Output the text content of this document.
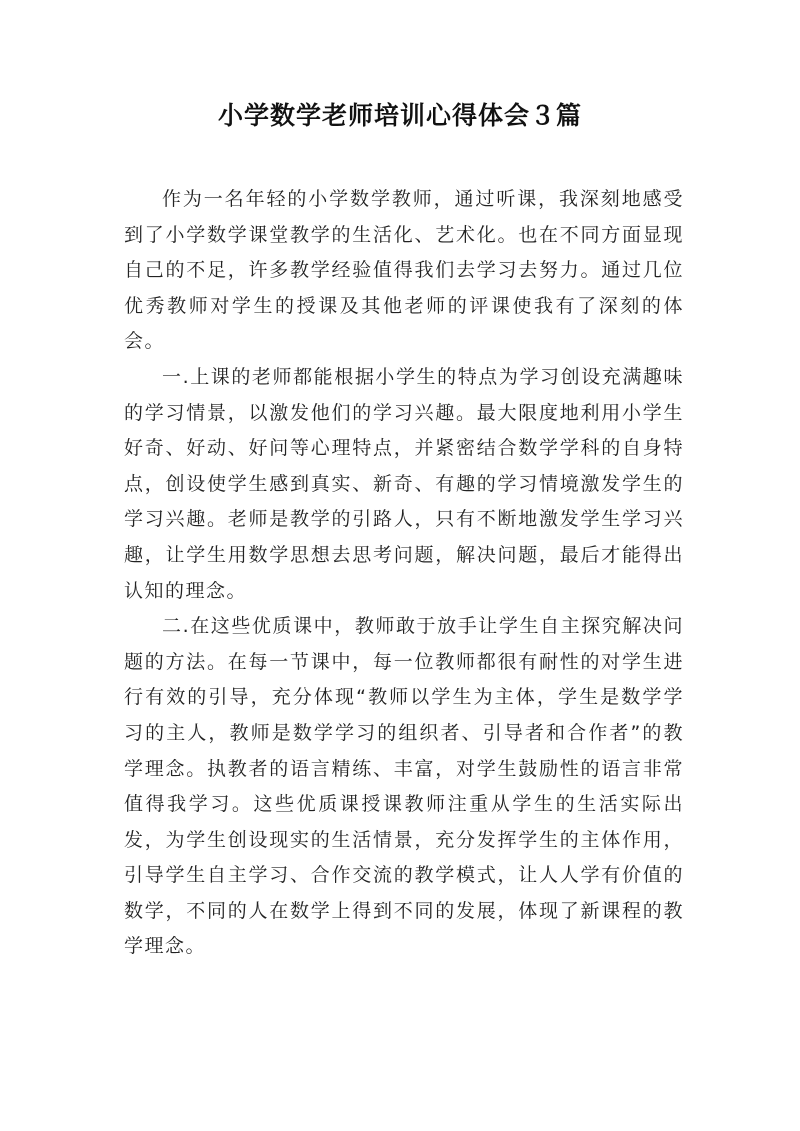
小学数学老师培训心得体会３篇

作为一名年轻的小学数学教师，通过听课，我深刻地感受到了小学数学课堂教学的生活化、艺术化。也在不同方面显现自己的不足，许多教学经验值得我们去学习去努力。通过几位优秀教师对学生的授课及其他老师的评课使我有了深刻的体会。

一.上课的老师都能根据小学生的特点为学习创设充满趣味的学习情景，以激发他们的学习兴趣。最大限度地利用小学生好奇、好动、好问等心理特点，并紧密结合数学学科的自身特点，创设使学生感到真实、新奇、有趣的学习情境激发学生的学习兴趣。老师是教学的引路人，只有不断地激发学生学习兴趣，让学生用数学思想去思考问题，解决问题，最后才能得出认知的理念。

二.在这些优质课中，教师敢于放手让学生自主探究解决问题的方法。在每一节课中，每一位教师都很有耐性的对学生进行有效的引导，充分体现“教师以学生为主体，学生是数学学习的主人，教师是数学学习的组织者、引导者和合作者”的教学理念。执教者的语言精练、丰富，对学生鼓励性的语言非常值得我学习。这些优质课授课教师注重从学生的生活实际出发，为学生创设现实的生活情景，充分发挥学生的主体作用，引导学生自主学习、合作交流的教学模式，让人人学有价值的数学，不同的人在数学上得到不同的发展，体现了新课程的教学理念。
